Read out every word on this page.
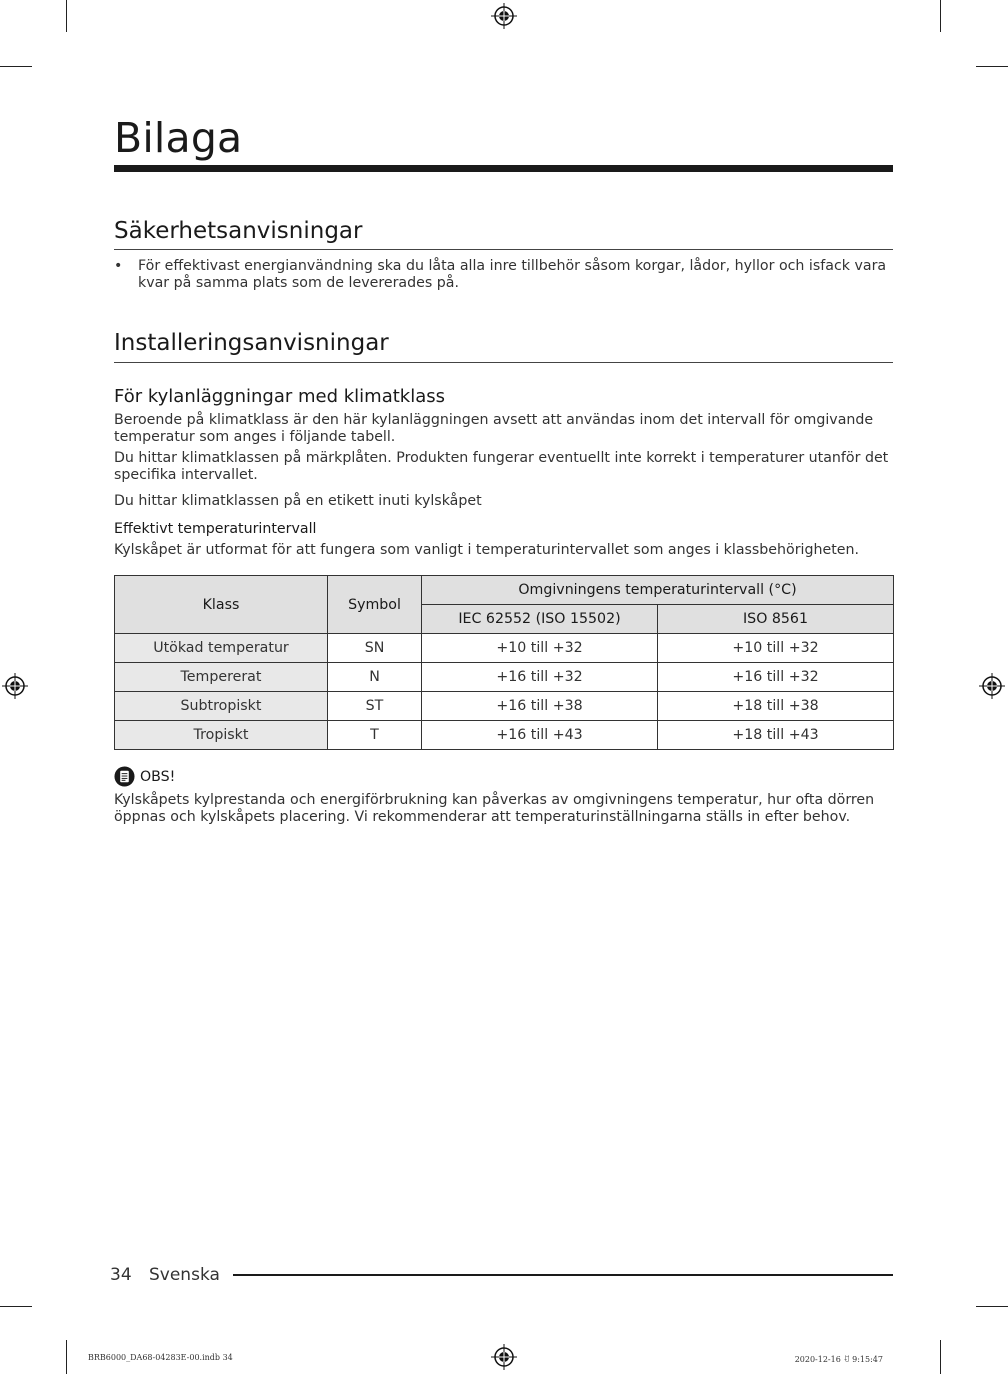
Bilaga
Säkerhetsanvisningar
•	För effektivast energianvändning ska du låta alla inre tillbehör såsom korgar, lådor, hyllor och isfack vara kvar på samma plats som de levererades på.
Installeringsanvisningar
För kylanläggningar med klimatklass

Beroende på klimatklass är den här kylanläggningen avsett att användas inom det intervall för omgivande temperatur som anges i följande tabell.

Du hittar klimatklassen på märkplåten. Produkten fungerar eventuellt inte korrekt i temperaturer utanför det specifika intervallet.

Du hittar klimatklassen på en etikett inuti kylskåpet

Effektivt temperaturintervall

Kylskåpet är utformat för att fungera som vanligt i temperaturintervallet som anges i klassbehörigheten.

Klass	Symbol	Omgivningens temperaturintervall (°C)	
		IEC 62552 (ISO 15502)	ISO 8561
Utökad temperatur	SN	+10 till +32	+10 till +32
Tempererat	N	+16 till +32	+16 till +32
Subtropiskt	ST	+16 till +38	+18 till +38
Tropiskt	T	+16 till +43	+18 till +43
OBS!

Kylskåpets kylprestanda och energiförbrukning kan påverkas av omgivningens temperatur, hur ofta dörren öppnas och kylskåpets placering. Vi rekommenderar att temperaturinställningarna ställs in efter behov.

34 Svenska
BRB6000_DA68-04283E-00.indb 34	2020-12-16 ꀀ 9:15:47
